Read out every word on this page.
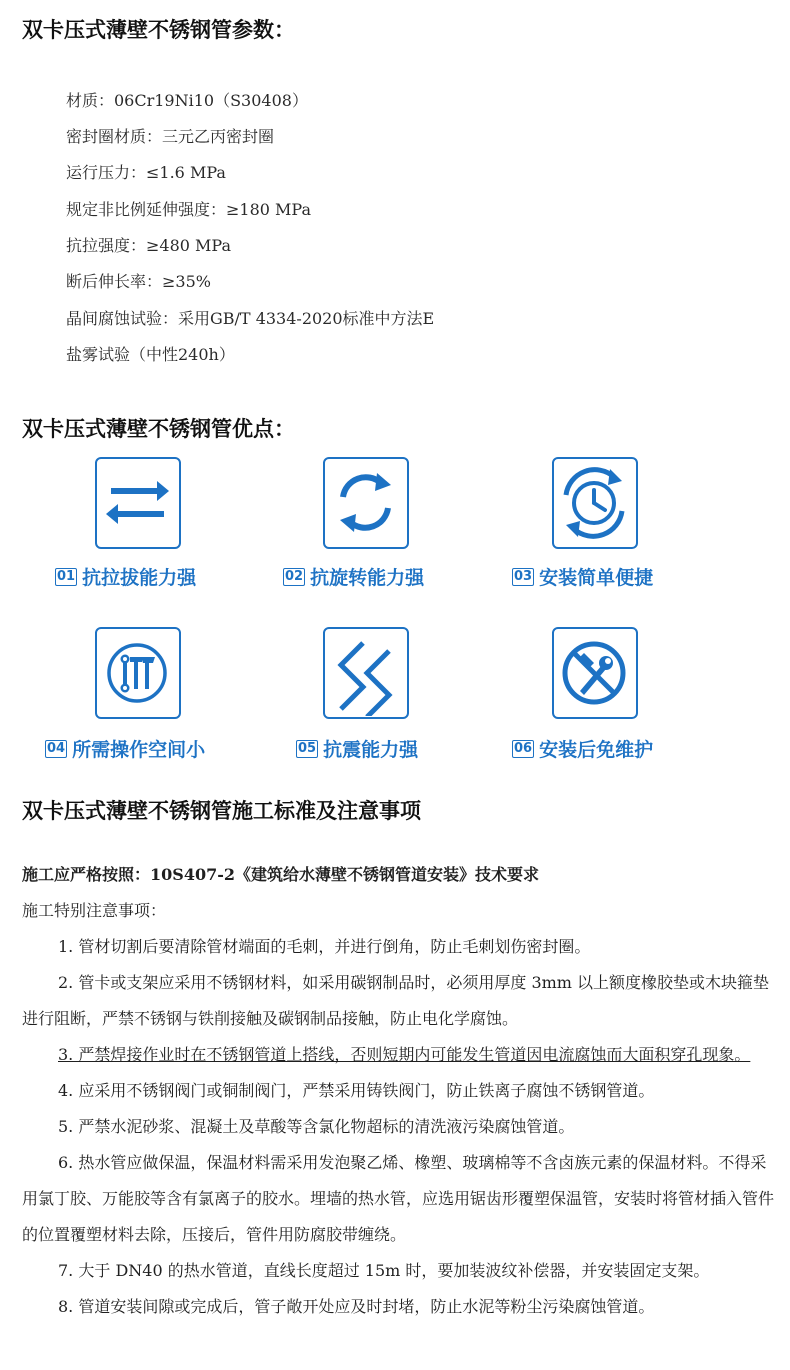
双卡压式薄壁不锈钢管参数：
材质：06Cr19Ni10（S30408）
密封圈材质：三元乙丙密封圈
运行压力：≤1.6 MPa
规定非比例延伸强度：≥180 MPa
抗拉强度：≥480 MPa
断后伸长率：≥35%
晶间腐蚀试验：采用GB/T 4334-2020标准中方法E
盐雾试验（中性240h）
双卡压式薄壁不锈钢管优点：
01 抗拉拔能力强	02 抗旋转能力强	03 安装简单便捷
04 所需操作空间小	05 抗震能力强	06 安装后免维护
双卡压式薄壁不锈钢管施工标准及注意事项
施工应严格按照：10S407-2《建筑给水薄壁不锈钢管道安装》技术要求
施工特别注意事项：
1. 管材切割后要清除管材端面的毛刺，并进行倒角，防止毛刺划伤密封圈。
2. 管卡或支架应采用不锈钢材料，如采用碳钢制品时，必须用厚度 3mm 以上额度橡胶垫或木块箍垫进行阻断，严禁不锈钢与铁削接触及碳钢制品接触，防止电化学腐蚀。
3. 严禁焊接作业时在不锈钢管道上搭线，否则短期内可能发生管道因电流腐蚀而大面积穿孔现象。
4. 应采用不锈钢阀门或铜制阀门，严禁采用铸铁阀门，防止铁离子腐蚀不锈钢管道。
5. 严禁水泥砂浆、混凝土及草酸等含氯化物超标的清洗液污染腐蚀管道。
6. 热水管应做保温，保温材料需采用发泡聚乙烯、橡塑、玻璃棉等不含卤族元素的保温材料。不得采用氯丁胶、万能胶等含有氯离子的胶水。埋墙的热水管，应选用锯齿形覆塑保温管，安装时将管材插入管件的位置覆塑材料去除，压接后，管件用防腐胶带缠绕。
7. 大于 DN40 的热水管道，直线长度超过 15m 时，要加装波纹补偿器，并安装固定支架。
8. 管道安装间隙或完成后，管子敞开处应及时封堵，防止水泥等粉尘污染腐蚀管道。
